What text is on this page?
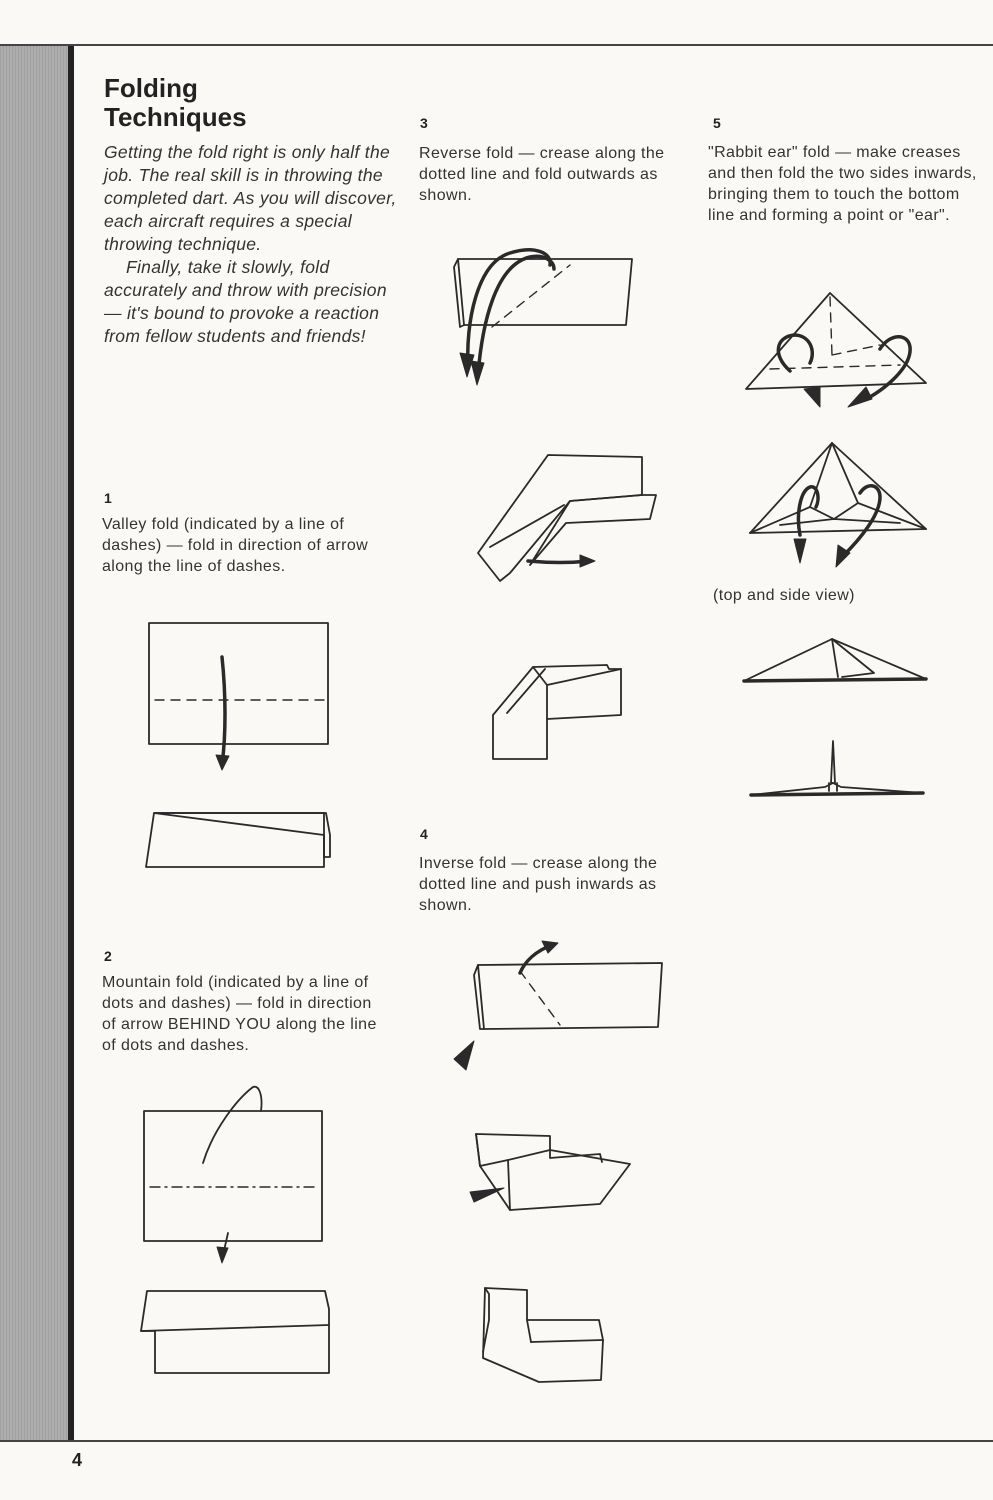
Folding
Techniques

Getting the fold right is only half the job. The real skill is in throwing the completed dart. As you will discover, each aircraft requires a special throwing technique.

Finally, take it slowly, fold accurately and throw with precision — it's bound to provoke a reaction from fellow students and friends!

1

Valley fold (indicated by a line of dashes) — fold in direction of arrow along the line of dashes.

2

Mountain fold (indicated by a line of dots and dashes) — fold in direction of arrow BEHIND YOU along the line of dots and dashes.

3

Reverse fold — crease along the dotted line and fold outwards as shown.

4

Inverse fold — crease along the dotted line and push inwards as shown.

5

"Rabbit ear" fold — make creases and then fold the two sides inwards, bringing them to touch the bottom line and forming a point or "ear".

(top and side view)
4
